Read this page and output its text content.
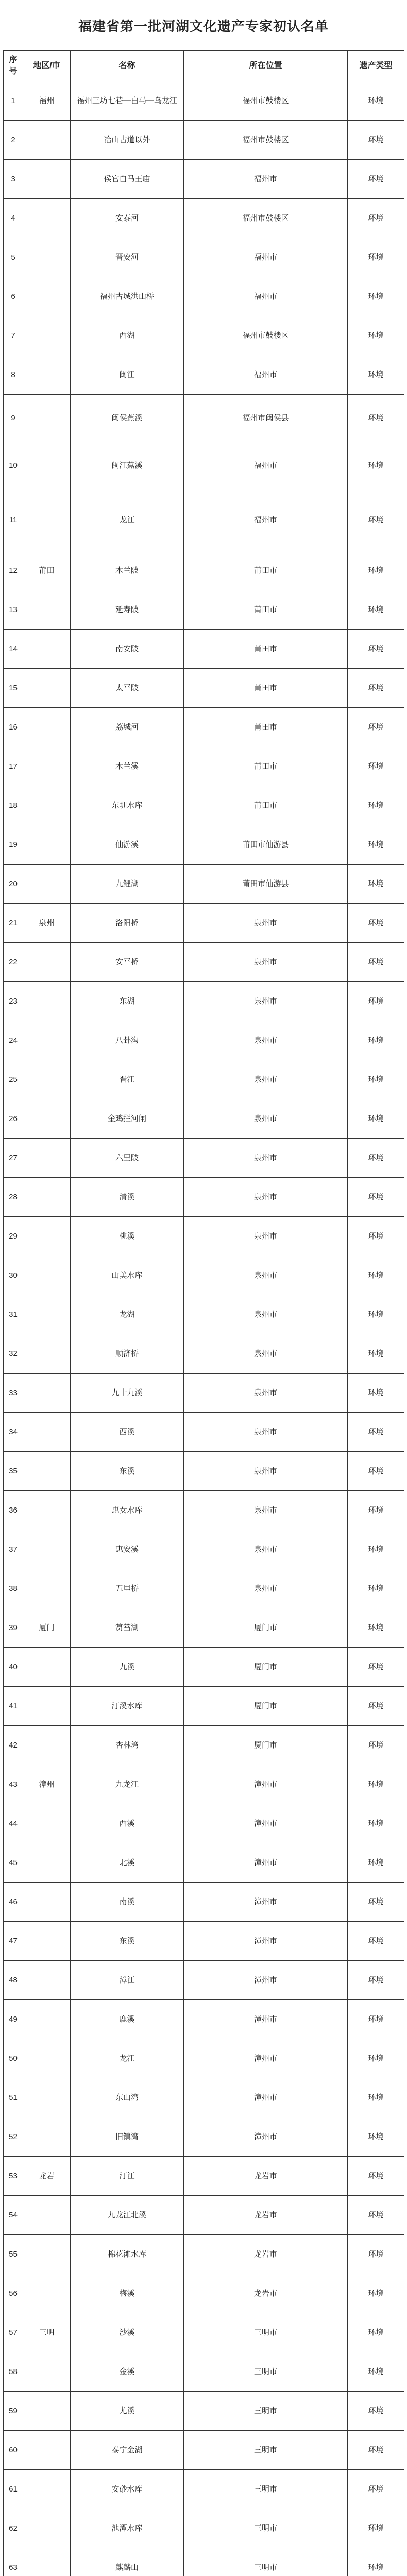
福建省第一批河湖文化遗产专家初认名单
序号	地区/市	名称	所在位置	遗产类型
1	福州	福州三坊七巷—白马—乌龙江	福州市鼓楼区	环境
2		冶山古道以外	福州市鼓楼区	环境
3		侯官白马王庙	福州市	环境
4		安泰河	福州市鼓楼区	环境
5		晋安河	福州市	环境
6		福州古城洪山桥	福州市	环境
7		西湖	福州市鼓楼区	环境
8		闽江	福州市	环境
9		闽侯蕉溪	福州市闽侯县	环境
10		闽江蕉溪	福州市	环境
11		龙江	福州市	环境
12	莆田	木兰陂	莆田市	环境
13		延寿陂	莆田市	环境
14		南安陂	莆田市	环境
15		太平陂	莆田市	环境
16		荔城河	莆田市	环境
17		木兰溪	莆田市	环境
18		东圳水库	莆田市	环境
19		仙游溪	莆田市仙游县	环境
20		九鲤湖	莆田市仙游县	环境
21	泉州	洛阳桥	泉州市	环境
22		安平桥	泉州市	环境
23		东湖	泉州市	环境
24		八卦沟	泉州市	环境
25		晋江	泉州市	环境
26		金鸡拦河闸	泉州市	环境
27		六里陂	泉州市	环境
28		清溪	泉州市	环境
29		桃溪	泉州市	环境
30		山美水库	泉州市	环境
31		龙湖	泉州市	环境
32		顺济桥	泉州市	环境
33		九十九溪	泉州市	环境
34		西溪	泉州市	环境
35		东溪	泉州市	环境
36		惠女水库	泉州市	环境
37		惠安溪	泉州市	环境
38		五里桥	泉州市	环境
39	厦门	筼筜湖	厦门市	环境
40		九溪	厦门市	环境
41		汀溪水库	厦门市	环境
42		杏林湾	厦门市	环境
43	漳州	九龙江	漳州市	环境
44		西溪	漳州市	环境
45		北溪	漳州市	环境
46		南溪	漳州市	环境
47		东溪	漳州市	环境
48		漳江	漳州市	环境
49		鹿溪	漳州市	环境
50		龙江	漳州市	环境
51		东山湾	漳州市	环境
52		旧镇湾	漳州市	环境
53	龙岩	汀江	龙岩市	环境
54		九龙江北溪	龙岩市	环境
55		棉花滩水库	龙岩市	环境
56		梅溪	龙岩市	环境
57	三明	沙溪	三明市	环境
58		金溪	三明市	环境
59		尤溪	三明市	环境
60		泰宁金湖	三明市	环境
61		安砂水库	三明市	环境
62		池潭水库	三明市	环境
63		麒麟山	三明市	环境
